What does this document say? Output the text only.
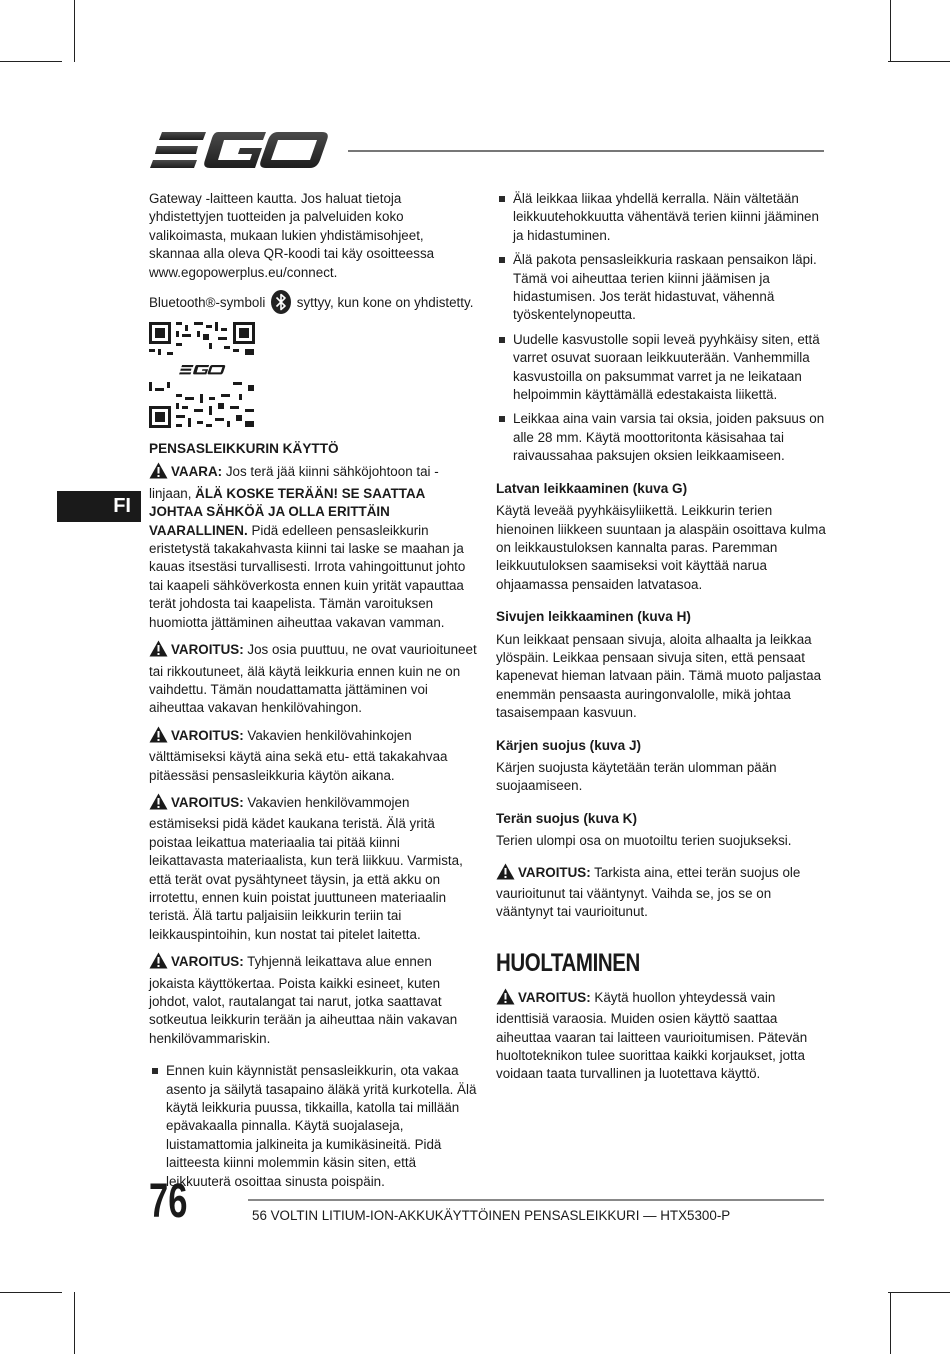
FI

Gateway -laitteen kautta. Jos haluat tietoja yhdistettyjen tuotteiden ja palveluiden koko valikoimasta, mukaan lukien yhdistämisohjeet, skannaa alla oleva QR-koodi tai käy osoitteessa www.egopowerplus.eu/connect.

Bluetooth®-symboli syttyy, kun kone on yhdistetty.

PENSASLEIKKURIN KÄYTTÖ

VAARA: Jos terä jää kiinni sähköjohtoon tai -linjaan, ÄLÄ KOSKE TERÄÄN! SE SAATTAA JOHTAA SÄHKÖÄ JA OLLA ERITTÄIN VAARALLINEN. Pidä edelleen pensasleikkurin eristetystä takakahvasta kiinni tai laske se maahan ja kauas itsestäsi turvallisesti. Irrota vahingoittunut johto tai kaapeli sähköverkosta ennen kuin yrität vapauttaa terät johdosta tai kaapelista. Tämän varoituksen huomiotta jättäminen aiheuttaa vakavan vamman.

VAROITUS: Jos osia puuttuu, ne ovat vaurioituneet tai rikkoutuneet, älä käytä leikkuria ennen kuin ne on vaihdettu. Tämän noudattamatta jättäminen voi aiheuttaa vakavan henkilövahingon.

VAROITUS: Vakavien henkilövahinkojen välttämiseksi käytä aina sekä etu- että takakahvaa pitäessäsi pensasleikkuria käytön aikana.

VAROITUS: Vakavien henkilövammojen estämiseksi pidä kädet kaukana teristä. Älä yritä poistaa leikattua materiaalia tai pitää kiinni leikattavasta materiaalista, kun terä liikkuu. Varmista, että terät ovat pysähtyneet täysin, ja että akku on irrotettu, ennen kuin poistat juuttuneen materiaalin teristä. Älä tartu paljaisiin leikkurin teriin tai leikkauspintoihin, kun nostat tai pitelet laitetta.

VAROITUS: Tyhjennä leikattava alue ennen jokaista käyttökertaa. Poista kaikki esineet, kuten johdot, valot, rautalangat tai narut, jotka saattavat sotkeutua leikkurin terään ja aiheuttaa näin vakavan henkilövammariskin.

Ennen kuin käynnistät pensasleikkurin, ota vakaa asento ja säilytä tasapaino äläkä yritä kurkotella. Älä käytä leikkuria puussa, tikkailla, katolla tai millään epävakaalla pinnalla. Käytä suojalaseja, luistamattomia jalkineita ja kumikäsineitä. Pidä laitteesta kiinni molemmin käsin siten, että leikkuuterä osoittaa sinusta poispäin.
Älä leikkaa liikaa yhdellä kerralla. Näin vältetään leikkuutehokkuutta vähentävä terien kiinni jääminen ja hidastuminen.
Älä pakota pensasleikkuria raskaan pensaikon läpi. Tämä voi aiheuttaa terien kiinni jäämisen ja hidastumisen. Jos terät hidastuvat, vähennä työskentelynopeutta.
Uudelle kasvustolle sopii leveä pyyhkäisy siten, että varret osuvat suoraan leikkuuterään. Vanhemmilla kasvustoilla on paksummat varret ja ne leikataan helpoimmin käyttämällä edestakaista liikettä.
Leikkaa aina vain varsia tai oksia, joiden paksuus on alle 28 mm. Käytä moottoritonta käsisahaa tai raivaussahaa paksujen oksien leikkaamiseen.
Latvan leikkaaminen (kuva G)

Käytä leveää pyyhkäisyliikettä. Leikkurin terien hienoinen liikkeen suuntaan ja alaspäin osoittava kulma on leikkaustuloksen kannalta paras. Paremman leikkuutuloksen saamiseksi voit käyttää narua ohjaamassa pensaiden latvatasoa.

Sivujen leikkaaminen (kuva H)

Kun leikkaat pensaan sivuja, aloita alhaalta ja leikkaa ylöspäin. Leikkaa pensaan sivuja siten, että pensaat kapenevat hieman latvaan päin. Tämä muoto paljastaa enemmän pensaasta auringonvalolle, mikä johtaa tasaisempaan kasvuun.

Kärjen suojus (kuva J)

Kärjen suojusta käytetään terän ulomman pään suojaamiseen.

Terän suojus (kuva K)

Terien ulompi osa on muotoiltu terien suojukseksi.

VAROITUS: Tarkista aina, ettei terän suojus ole vaurioitunut tai vääntynyt. Vaihda se, jos se on vääntynyt tai vaurioitunut.

HUOLTAMINEN

VAROITUS: Käytä huollon yhteydessä vain identtisiä varaosia. Muiden osien käyttö saattaa aiheuttaa vaaran tai laitteen vaurioitumisen. Pätevän huoltoteknikon tulee suorittaa kaikki korjaukset, jotta voidaan taata turvallinen ja luotettava käyttö.

76	56 VOLTIN LITIUM-ION-AKKUKÄYTTÖINEN PENSASLEIKKURI — HTX5300-P
